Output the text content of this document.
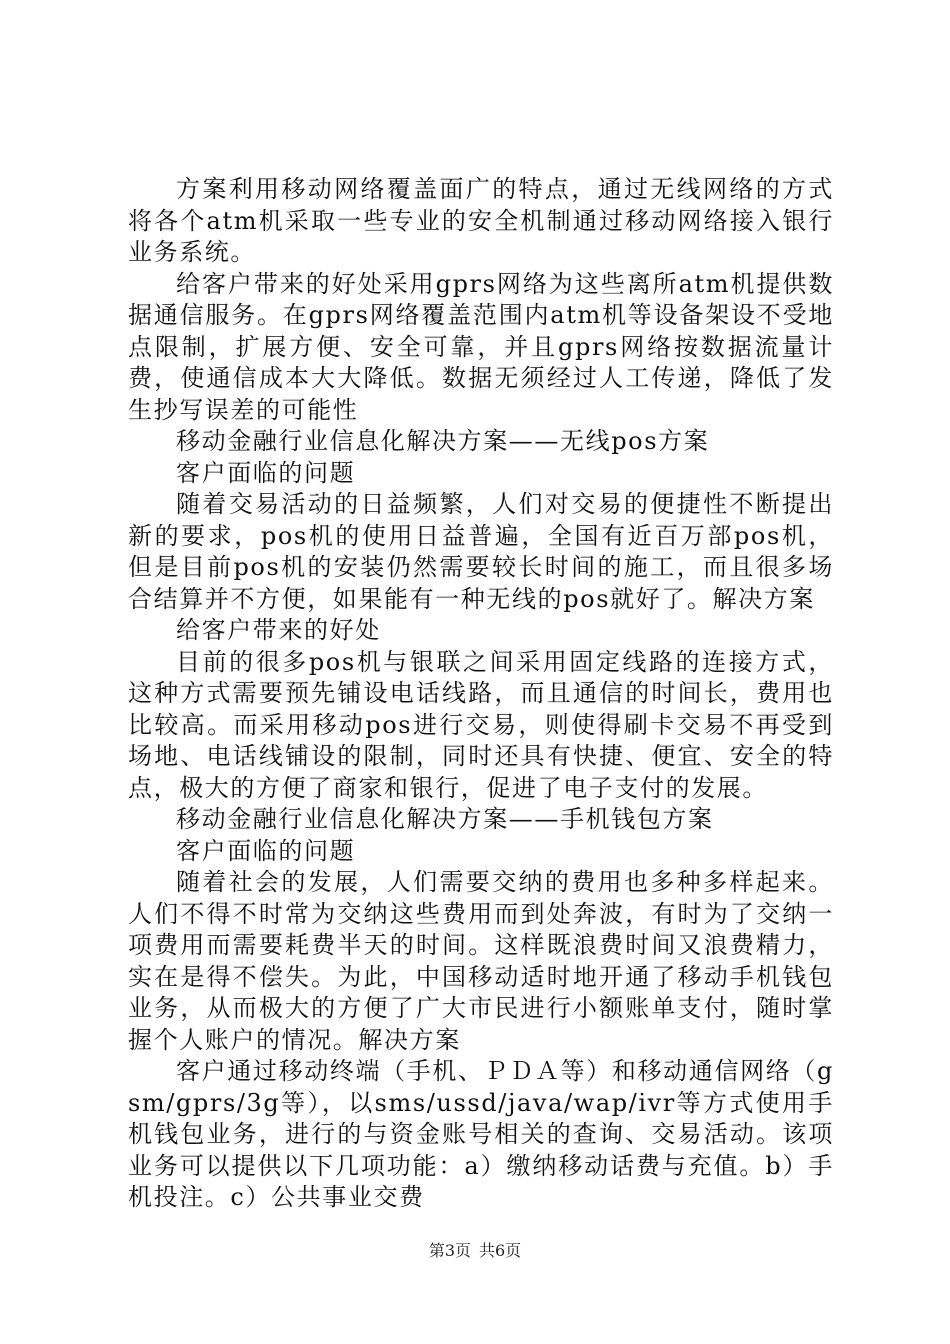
方案利用移动网络覆盖面广的特点，通过无线网络的方式将各个atm机采取一些专业的安全机制通过移动网络接入银行业务系统。

给客户带来的好处采用gprs网络为这些离所atm机提供数据通信服务。在gprs网络覆盖范围内atm机等设备架设不受地点限制，扩展方便、安全可靠，并且gprs网络按数据流量计费，使通信成本大大降低。数据无须经过人工传递，降低了发生抄写误差的可能性

移动金融行业信息化解决方案——无线pos方案

客户面临的问题

随着交易活动的日益频繁，人们对交易的便捷性不断提出新的要求，pos机的使用日益普遍，全国有近百万部pos机，但是目前pos机的安装仍然需要较长时间的施工，而且很多场合结算并不方便，如果能有一种无线的pos就好了。解决方案

给客户带来的好处

目前的很多pos机与银联之间采用固定线路的连接方式，这种方式需要预先铺设电话线路，而且通信的时间长，费用也比较高。而采用移动pos进行交易，则使得刷卡交易不再受到场地、电话线铺设的限制，同时还具有快捷、便宜、安全的特点，极大的方便了商家和银行，促进了电子支付的发展。

移动金融行业信息化解决方案——手机钱包方案

客户面临的问题

随着社会的发展，人们需要交纳的费用也多种多样起来。人们不得不时常为交纳这些费用而到处奔波，有时为了交纳一项费用而需要耗费半天的时间。这样既浪费时间又浪费精力，实在是得不偿失。为此，中国移动适时地开通了移动手机钱包业务，从而极大的方便了广大市民进行小额账单支付，随时掌握个人账户的情况。解决方案

客户通过移动终端（手机、ＰＤＡ等）和移动通信网络（gsm/gprs/3g等），以sms/ussd/java/wap/ivr等方式使用手机钱包业务，进行的与资金账号相关的查询、交易活动。该项业务可以提供以下几项功能：a）缴纳移动话费与充值。b）手机投注。c）公共事业交费

第3页 共6页
